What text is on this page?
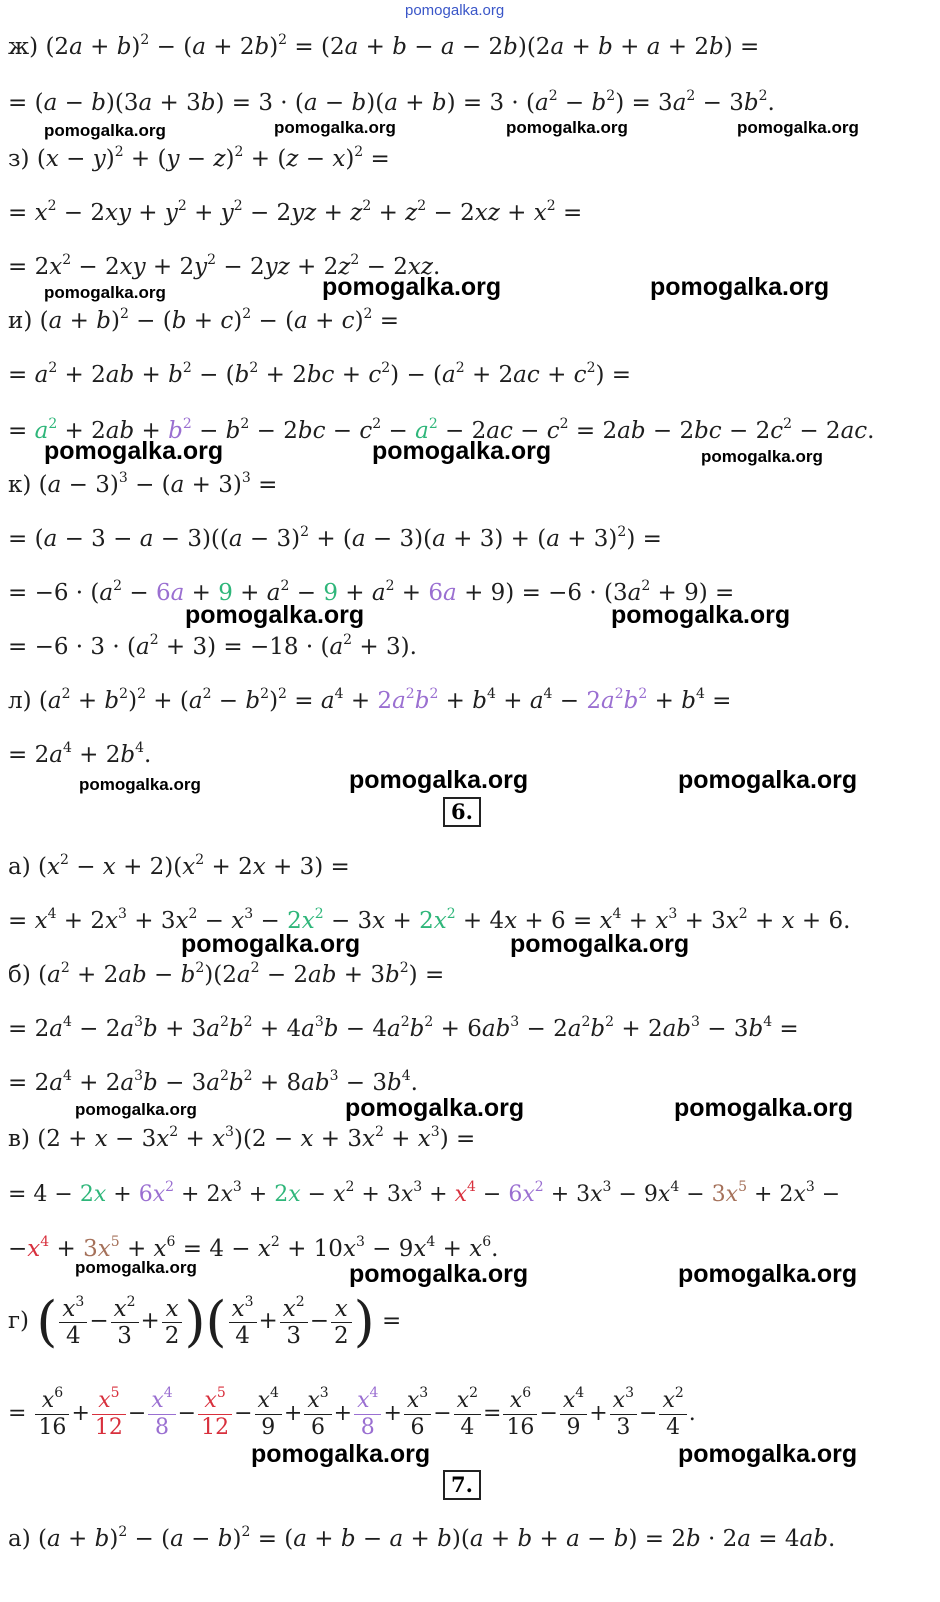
pomogalka.org
ж) $(2a + b)^2 - (a + 2b)^2 = (2a + b - a - 2b)(2a + b + a + 2b)$ =
= $(a - b)(3a + 3b) = 3 \cdot (a - b)(a + b) = 3 \cdot (a^2 - b^2) = 3a^2 - 3b^2$.
pomogalka.org	pomogalka.org	pomogalka.org	pomogalka.org
з) $(x - y)^2 + (y - z)^2 + (z - x)^2$ =
= $x^2 - 2xy + y^2 + y^2 - 2yz + z^2 + z^2 - 2xz + x^2$ =
= $2x^2 - 2xy + 2y^2 - 2yz + 2z^2 - 2xz$.
pomogalka.org	pomogalka.org	pomogalka.org
и) $(a + b)^2 - (b + c)^2 - (a + c)^2$ =
= $a^2 + 2ab + b^2 - (b^2 + 2bc + c^2) - (a^2 + 2ac + c^2)$ =
= $a^2 + 2ab + b^2 - b^2 - 2bc - c^2 - a^2 - 2ac - c^2 = 2ab - 2bc - 2c^2 - 2ac$.
pomogalka.org	pomogalka.org	pomogalka.org
к) $(a - 3)^3 - (a + 3)^3$ =
= $(a - 3 - a - 3)((a - 3)^2 + (a - 3)(a + 3) + (a + 3)^2)$ =
= $-6 \cdot (a^2 - 6a + 9 + a^2 - 9 + a^2 + 6a + 9) = -6 \cdot (3a^2 + 9)$ =
pomogalka.org	pomogalka.org
= $-6 \cdot 3 \cdot (a^2 + 3) = -18 \cdot (a^2 + 3)$.
л) $(a^2 + b^2)^2 + (a^2 - b^2)^2 = a^4 + 2a^2b^2 + b^4 + a^4 - 2a^2b^2 + b^4$ =
= $2a^4 + 2b^4$.
pomogalka.org	pomogalka.org	pomogalka.org
6.
а) $(x^2 - x + 2)(x^2 + 2x + 3)$ =
= $x^4 + 2x^3 + 3x^2 - x^3 - 2x^2 - 3x + 2x^2 + 4x + 6 = x^4 + x^3 + 3x^2 + x + 6$.
pomogalka.org	pomogalka.org
б) $(a^2 + 2ab - b^2)(2a^2 - 2ab + 3b^2)$ =
= $2a^4 - 2a^3b + 3a^2b^2 + 4a^3b - 4a^2b^2 + 6ab^3 - 2a^2b^2 + 2ab^3 - 3b^4$ =
= $2a^4 + 2a^3b - 3a^2b^2 + 8ab^3 - 3b^4$.
pomogalka.org	pomogalka.org	pomogalka.org
в) $(2 + x - 3x^2 + x^3)(2 - x + 3x^2 + x^3)$ =
= $4 - 2x + 6x^2 + 2x^3 + 2x - x^2 + 3x^3 + x^4 - 6x^2 + 3x^3 - 9x^4 - 3x^5 + 2x^3$ −
$-x^4 + 3x^5 + x^6 = 4 - x^2 + 10x^3 - 9x^4 + x^6$.
pomogalka.org	pomogalka.org	pomogalka.org
г) ( $\frac{x^3}{4} - \frac{x^2}{3} + \frac{x}{2}$ )( $\frac{x^3}{4} + \frac{x^2}{3} - \frac{x}{2}$ ) =
= $\frac{x^6}{16} + \frac{x^5}{12} - \frac{x^4}{8} - \frac{x^5}{12} - \frac{x^4}{9} + \frac{x^3}{6} + \frac{x^4}{8} + \frac{x^3}{6} - \frac{x^2}{4} = \frac{x^6}{16} - \frac{x^4}{9} + \frac{x^3}{3} - \frac{x^2}{4}$ .
pomogalka.org	pomogalka.org
7.
а) $(a + b)^2 - (a - b)^2 = (a + b - a + b)(a + b + a - b) = 2b \cdot 2a = 4ab$.
